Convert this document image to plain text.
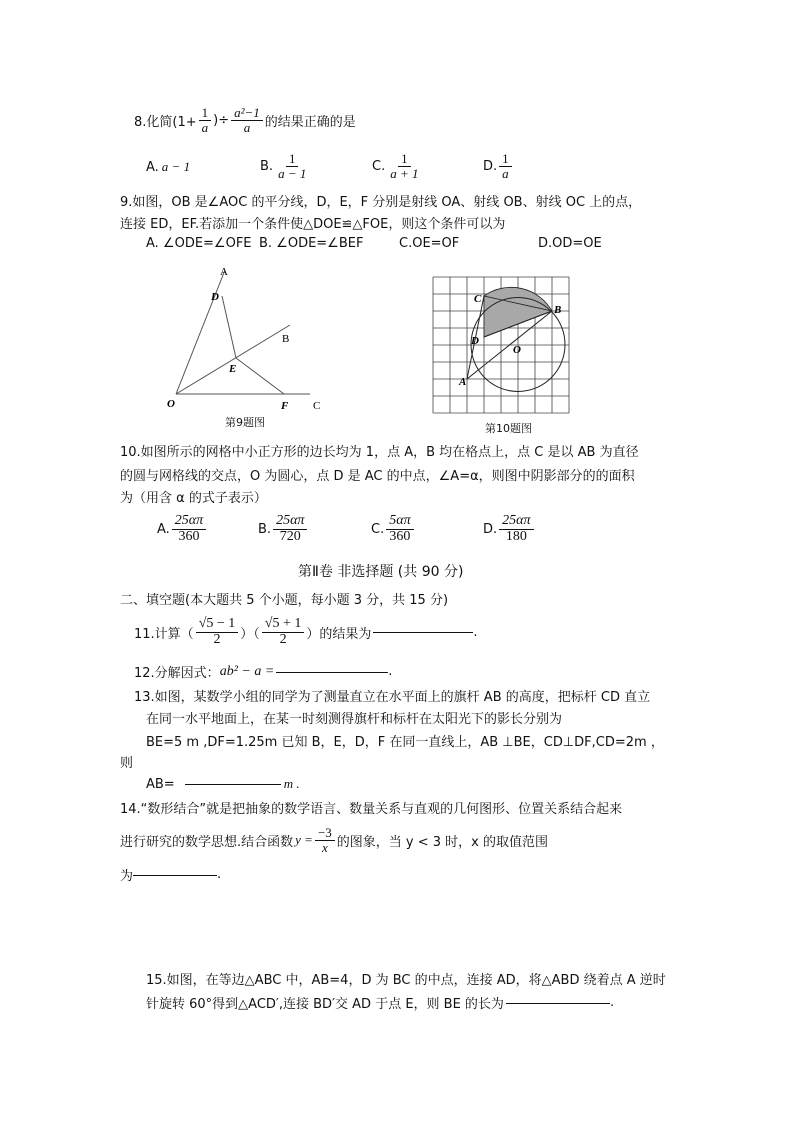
8.化简($1+ \frac{1}{a}$ )÷ $\frac{\text{a²−1}}{a}$ 的结果正确的是
A. a − 1	B. $\frac{1}{a - 1}$	C. $\frac{1}{a + 1}$	D. $\frac{1}{a}$
9.如图，OB 是∠AOC 的平分线，D，E，F 分别是射线 OA、射线 OB、射线 OC 上的点，
连接 ED，EF.若添加一个条件使△DOE≌△FOE，则这个条件可以为
A. ∠ODE=∠OFE B. ∠ODE=∠BEF	C.OE=OF	D.OD=OE
A
D
B
E
O	F C
第9题图
C
B
D
O
A
第10题图
10.如图所示的网格中小正方形的边长均为 1，点 A，B 均在格点上，点 C 是以 AB 为直径
的圆与网格线的交点，O 为圆心，点 D 是 AC 的中点，∠A=α，则图中阴影部分的的面积
为（用含 α 的式子表示）
A. $\frac{25\alpha\pi}{360}$	B. $\frac{25\alpha\pi}{720}$	C. $\frac{5\alpha\pi}{360}$	D. $\frac{25\alpha\pi}{180}$
第Ⅱ卷 非选择题 (共 90 分)
二、填空题(本大题共 5 个小题，每小题 3 分，共 15 分)
11.计算（ $\frac{√5 - 1}{2}$ ）（ $\frac{√5 + 1}{2}$ ）的结果为	.
12.分解因式： ab² − a =	.
13.如图，某数学小组的同学为了测量直立在水平面上的旗杆 AB 的高度，把标杆 CD 直立
在同一水平地面上，在某一时刻测得旗杆和标杆在太阳光下的影长分别为
BE=5 m ,DF=1.25m 已知 B，E，D，F 在同一直线上，AB ⊥BE，CD⊥DF,CD=2m ，
则
AB=	m .
14.“数形结合”就是把抽象的数学语言、数量关系与直观的几何图形、位置关系结合起来
进行研究的数学思想.结合函数 $y = \frac{-3}{x}$ 的图象，当 y < 3 时，x 的取值范围
为	.
15.如图，在等边△ABC 中，AB=4，D 为 BC 的中点，连接 AD，将△ABD 绕着点 A 逆时
针旋转 60°得到△ACD′,连接 BD′交 AD 于点 E，则 BE 的长为	.
